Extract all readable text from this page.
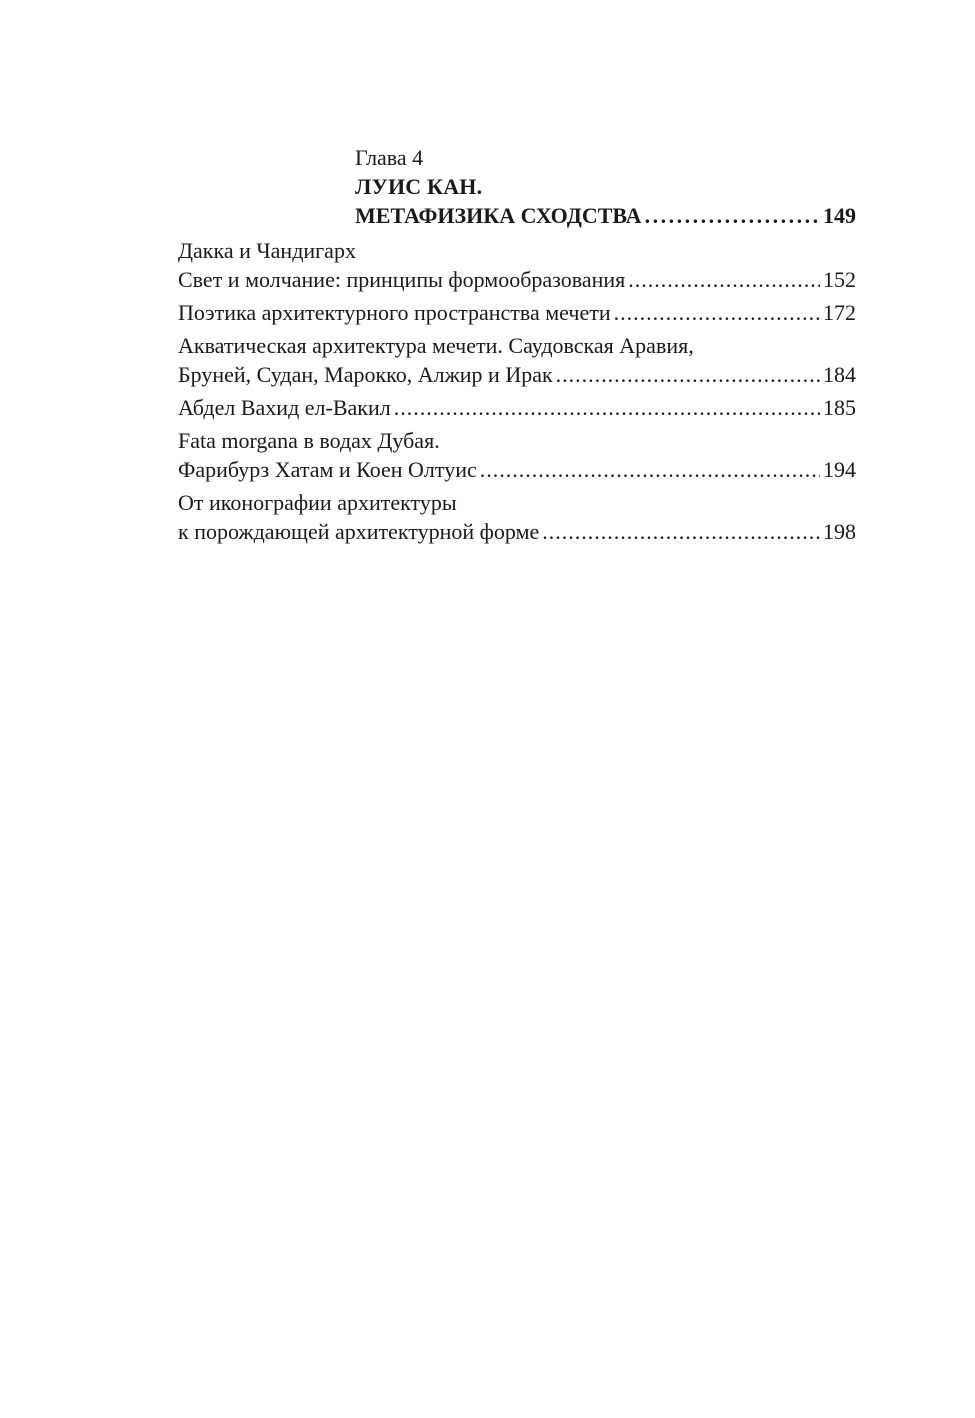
Глава 4
ЛУИС КАН.
МЕТАФИЗИКА СХОДСТВА .....	149
Дакка и Чандигарх
Свет и молчание: принципы формообразования .....	152
Поэтика архитектурного пространства мечети .....	172
Акватическая архитектура мечети. Саудовская Аравия,
Бруней, Судан, Марокко, Алжир и Ирак .....	184
Абдел Вахид ел-Вакил .....	185
Fata morgana в водах Дубая.
Фарибурз Хатам и Коен Олтуис .....	194
От иконографии архитектуры
к порождающей архитектурной форме .....	198
